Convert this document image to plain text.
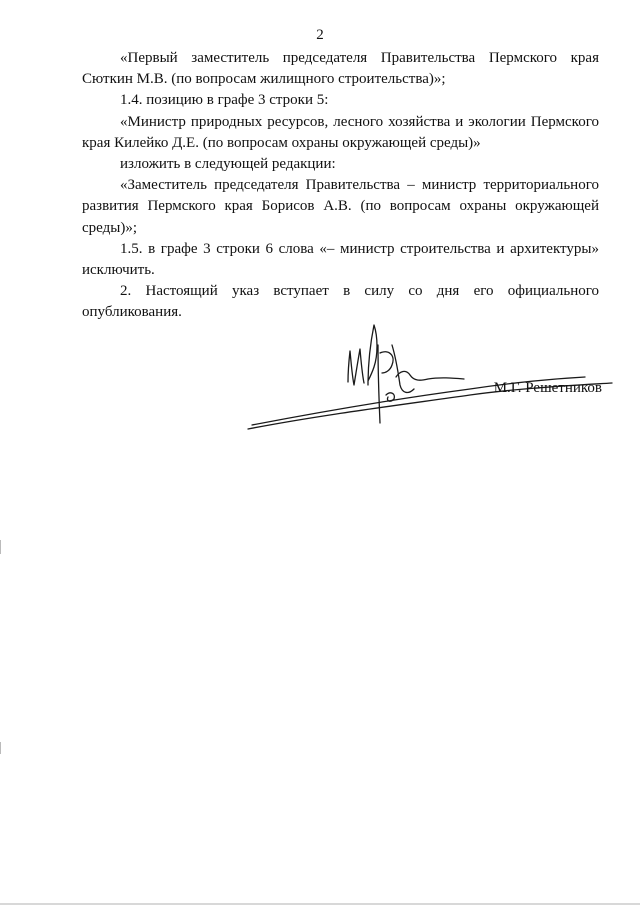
2

«Первый заместитель председателя Правительства Пермского края Сюткин М.В. (по вопросам жилищного строительства)»;

1.4. позицию в графе 3 строки 5:

«Министр природных ресурсов, лесного хозяйства и экологии Пермского края Килейко Д.Е. (по вопросам охраны окружающей среды)»

изложить в следующей редакции:

«Заместитель председателя Правительства – министр территориального развития Пермского края Борисов А.В. (по вопросам охраны окружающей среды)»;

1.5. в графе 3 строки 6 слова «– министр строительства и архитектуры» исключить.

2. Настоящий указ вступает в силу со дня его официального опубликования.

М.Г. Решетников
